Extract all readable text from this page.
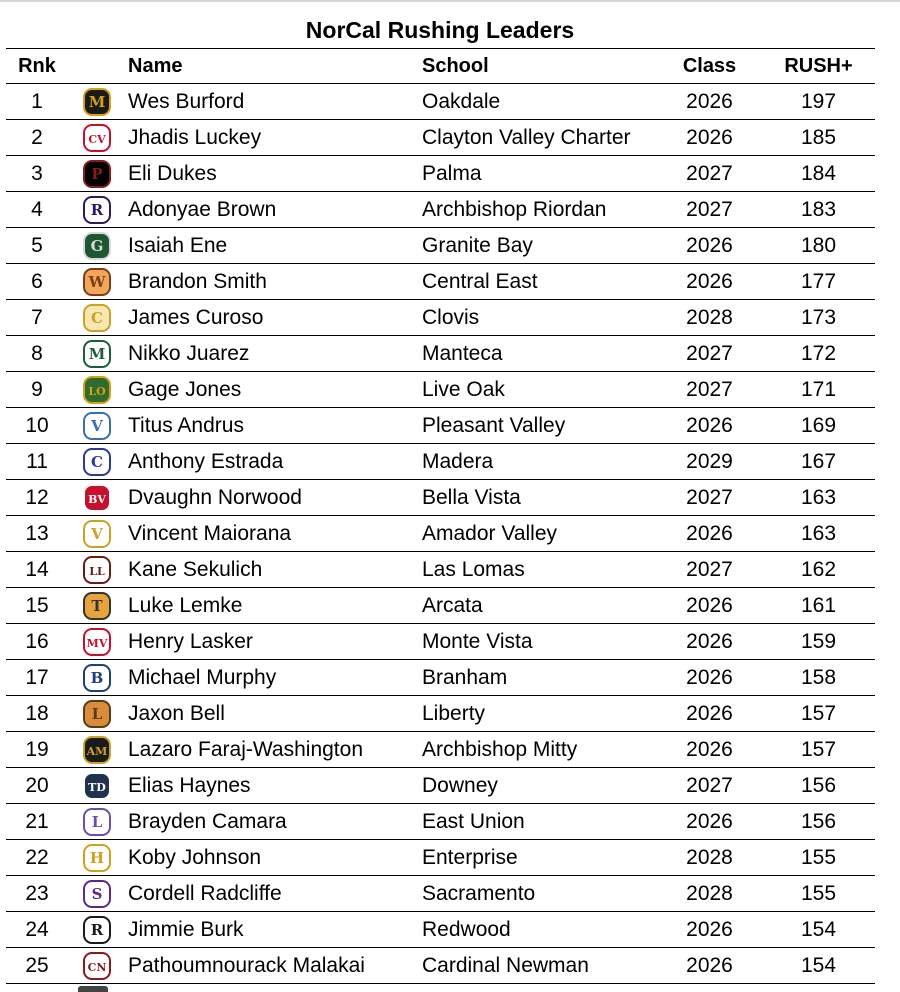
NorCal Rushing Leaders
Rnk		Name	School	Class	RUSH+
1	M	Wes Burford	Oakdale	2026	197
2	CV	Jhadis Luckey	Clayton Valley Charter	2026	185
3	P	Eli Dukes	Palma	2027	184
4	R	Adonyae Brown	Archbishop Riordan	2027	183
5	G	Isaiah Ene	Granite Bay	2026	180
6	W	Brandon Smith	Central East	2026	177
7	C	James Curoso	Clovis	2028	173
8	M	Nikko Juarez	Manteca	2027	172
9	LO	Gage Jones	Live Oak	2027	171
10	V	Titus Andrus	Pleasant Valley	2026	169
11	C	Anthony Estrada	Madera	2029	167
12	BV	Dvaughn Norwood	Bella Vista	2027	163
13	V	Vincent Maiorana	Amador Valley	2026	163
14	LL	Kane Sekulich	Las Lomas	2027	162
15	T	Luke Lemke	Arcata	2026	161
16	MV	Henry Lasker	Monte Vista	2026	159
17	B	Michael Murphy	Branham	2026	158
18	L	Jaxon Bell	Liberty	2026	157
19	AM	Lazaro Faraj-Washington	Archbishop Mitty	2026	157
20	TD	Elias Haynes	Downey	2027	156
21	L	Brayden Camara	East Union	2026	156
22	H	Koby Johnson	Enterprise	2028	155
23	S	Cordell Radcliffe	Sacramento	2028	155
24	R	Jimmie Burk	Redwood	2026	154
25	CN	Pathoumnourack Malakai	Cardinal Newman	2026	154
